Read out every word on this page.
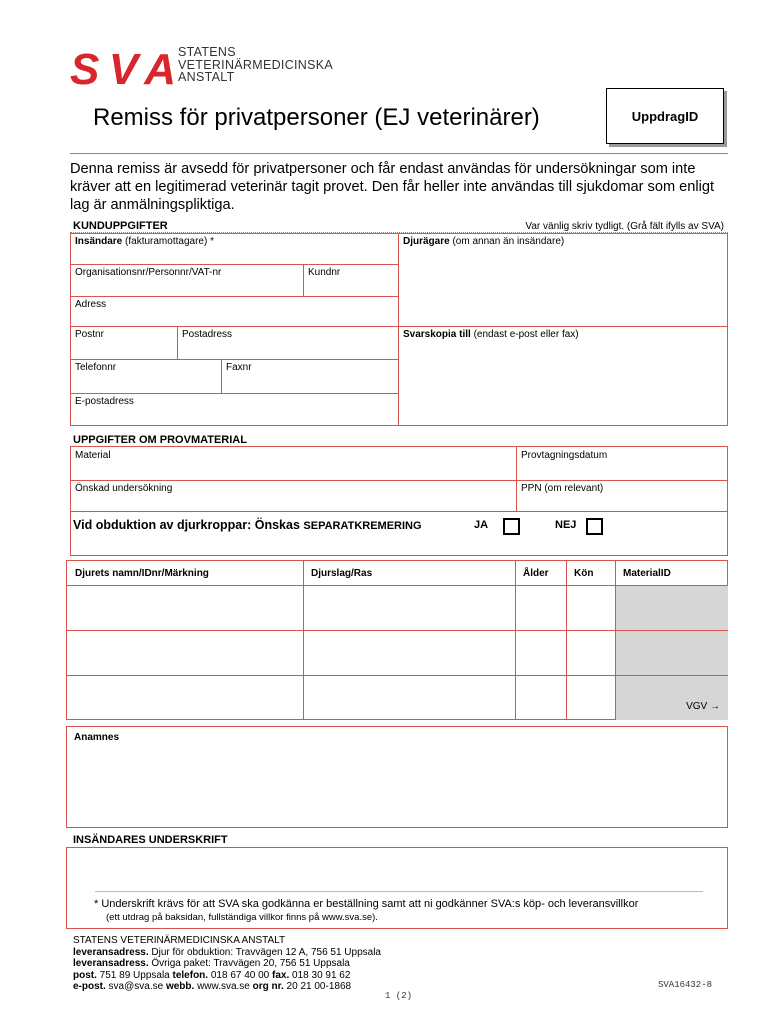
SVA STATENS
VETERINÄRMEDICINSKA
ANSTALT
Remiss för privatpersoner (EJ veterinärer)	UppdragID
Denna remiss är avsedd för privatpersoner och får endast användas för undersökningar som inte kräver att en legitimerad veterinär tagit provet. Den får heller inte användas till sjukdomar som enligt lag är anmälningspliktiga.
KUNDUPPGIFTER	Var vänlig skriv tydligt. (Grå fält ifylls av SVA)
Insändare (fakturamottagare) *	Djurägare (om annan än insändare)
Organisationsnr/Personnr/VAT-nr	Kundnr
Adress
Postnr	Postadress	Svarskopia till (endast e-post eller fax)
Telefonnr	Faxnr
E-postadress
UPPGIFTER OM PROVMATERIAL
Material	Provtagningsdatum
Önskad undersökning	PPN (om relevant)
Vid obduktion av djurkroppar: Önskas SEPARATKREMERING	JA	NEJ
Djurets namn/IDnr/Märkning	Djurslag/Ras	Ålder	Kön	MaterialID
VGV →
Anamnes
INSÄNDARES UNDERSKRIFT
* Underskrift krävs för att SVA ska godkänna er beställning samt att ni godkänner SVA:s köp- och leveransvillkor
(ett utdrag på baksidan, fullständiga villkor finns på www.sva.se).
STATENS VETERINÄRMEDICINSKA ANSTALT
leveransadress. Djur för obduktion: Travvägen 12 A, 756 51 Uppsala
leveransadress. Övriga paket: Travvägen 20, 756 51 Uppsala
post. 751 89 Uppsala telefon. 018 67 40 00 fax. 018 30 91 62
e-post. sva@sva.se webb. www.sva.se org nr. 20 21 00-1868
1 (2)
SVA16432-8
